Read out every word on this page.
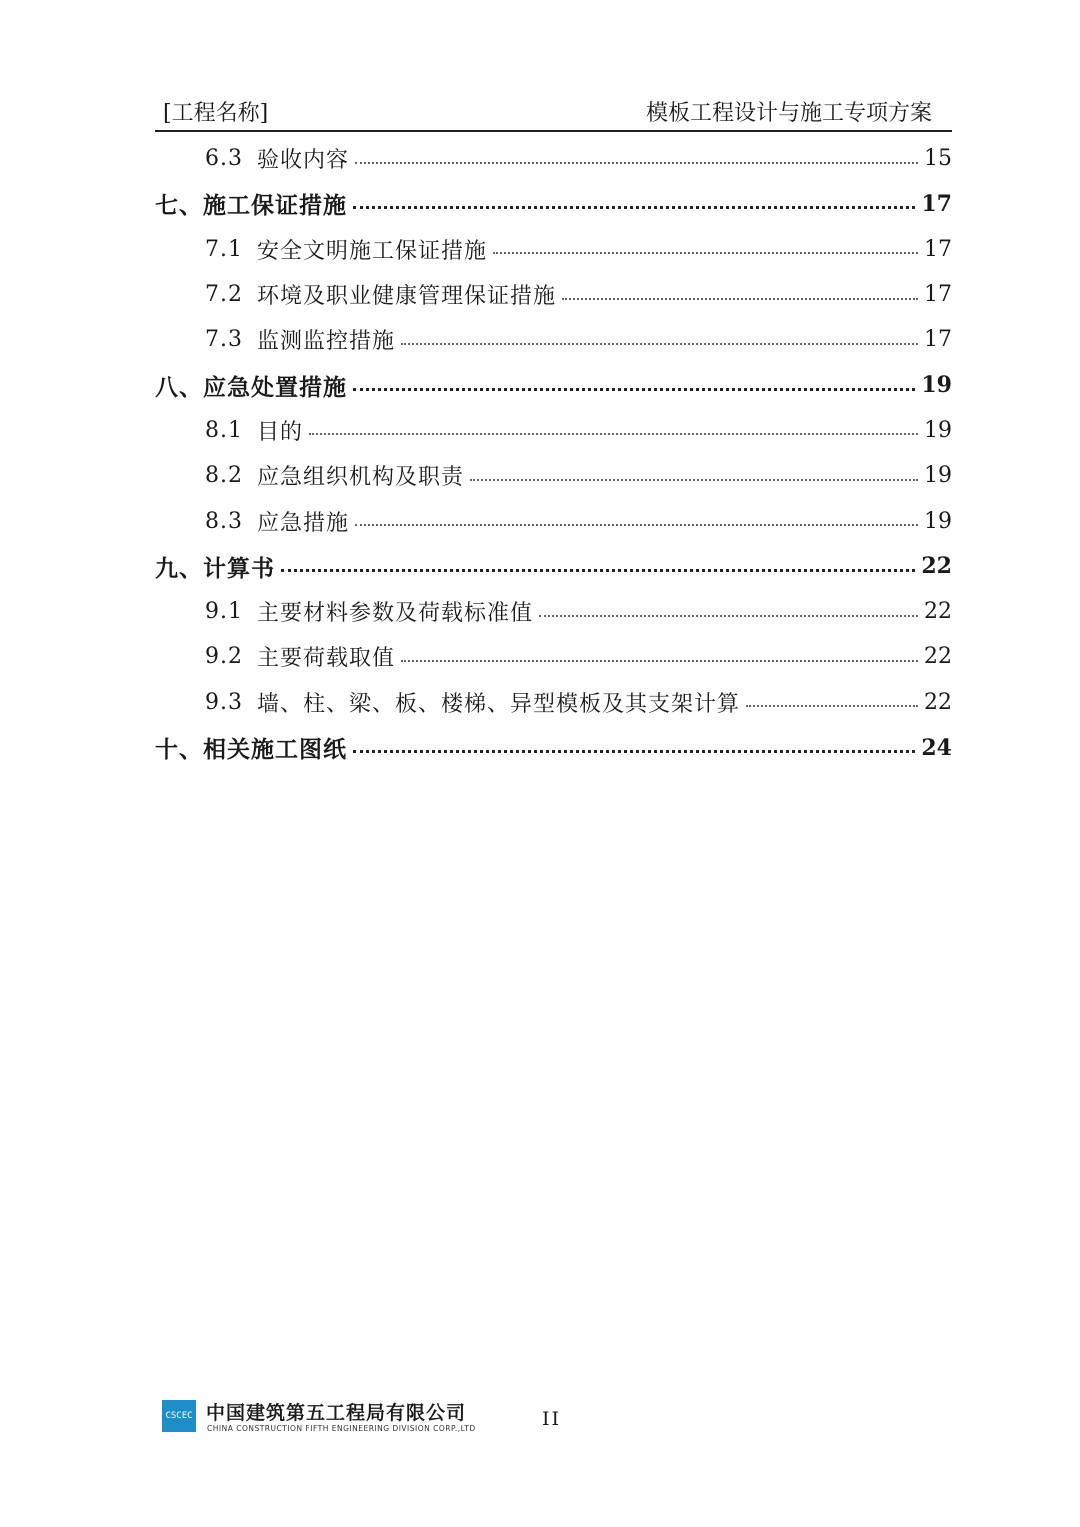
[工程名称]	模板工程设计与施工专项方案
6.3 验收内容	15
七、施工保证措施	17
7.1 安全文明施工保证措施	17
7.2 环境及职业健康管理保证措施	17
7.3 监测监控措施	17
八、应急处置措施	19
8.1 目的	19
8.2 应急组织机构及职责	19
8.3 应急措施	19
九、计算书	22
9.1 主要材料参数及荷载标准值	22
9.2 主要荷载取值	22
9.3 墙、柱、梁、板、楼梯、异型模板及其支架计算	22
十、相关施工图纸	24
CSCEC 中国建筑第五工程局有限公司
CHINA CONSTRUCTION FIFTH ENGINEERING DIVISION CORP.,LTD	II
